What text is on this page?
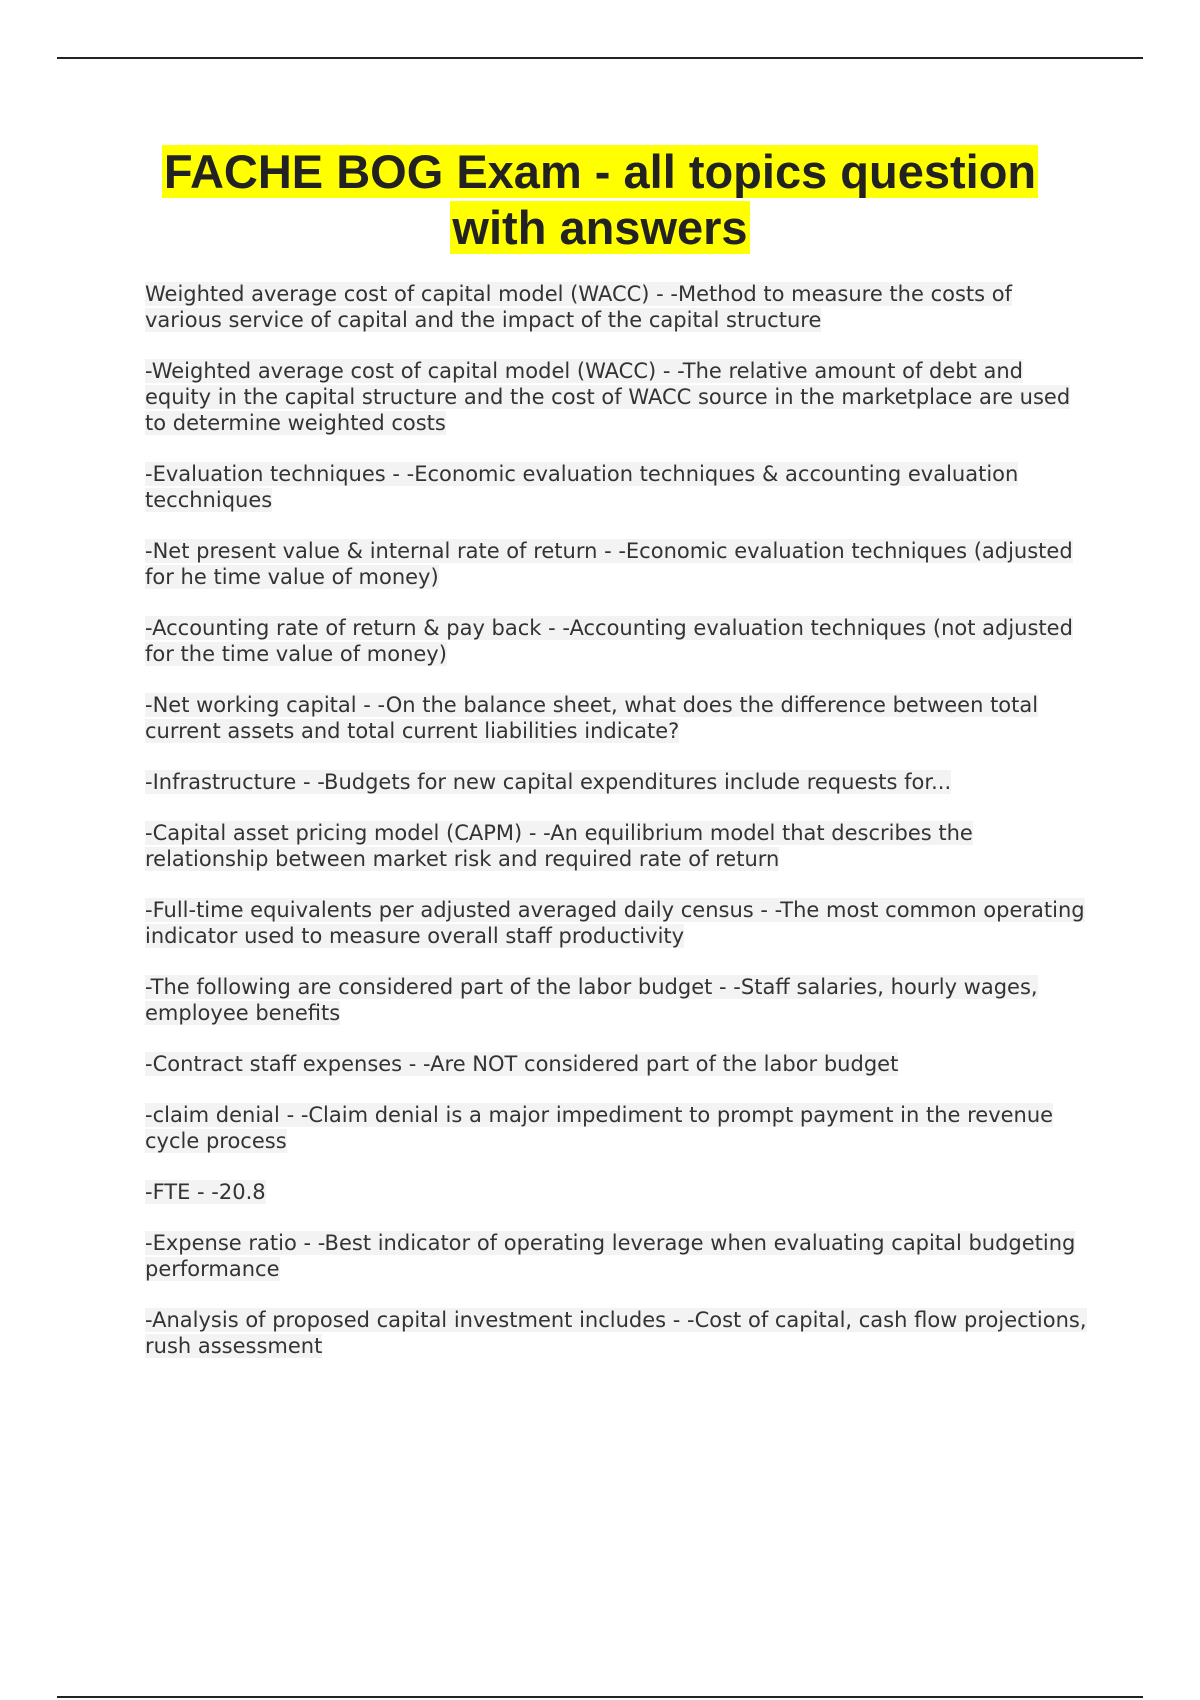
FACHE BOG Exam - all topics question with answers
Weighted average cost of capital model (WACC) - -Method to measure the costs of various service of capital and the impact of the capital structure
-Weighted average cost of capital model (WACC) - -The relative amount of debt and equity in the capital structure and the cost of WACC source in the marketplace are used to determine weighted costs
-Evaluation techniques - -Economic evaluation techniques & accounting evaluation tecchniques
-Net present value & internal rate of return - -Economic evaluation techniques (adjusted for he time value of money)
-Accounting rate of return & pay back - -Accounting evaluation techniques (not adjusted for the time value of money)
-Net working capital - -On the balance sheet, what does the difference between total current assets and total current liabilities indicate?
-Infrastructure - -Budgets for new capital expenditures include requests for...
-Capital asset pricing model (CAPM) - -An equilibrium model that describes the relationship between market risk and required rate of return
-Full-time equivalents per adjusted averaged daily census - -The most common operating indicator used to measure overall staff productivity
-The following are considered part of the labor budget - -Staff salaries, hourly wages, employee benefits
-Contract staff expenses - -Are NOT considered part of the labor budget
-claim denial - -Claim denial is a major impediment to prompt payment in the revenue cycle process
-FTE - -20.8
-Expense ratio - -Best indicator of operating leverage when evaluating capital budgeting performance
-Analysis of proposed capital investment includes - -Cost of capital, cash flow projections, rush assessment
